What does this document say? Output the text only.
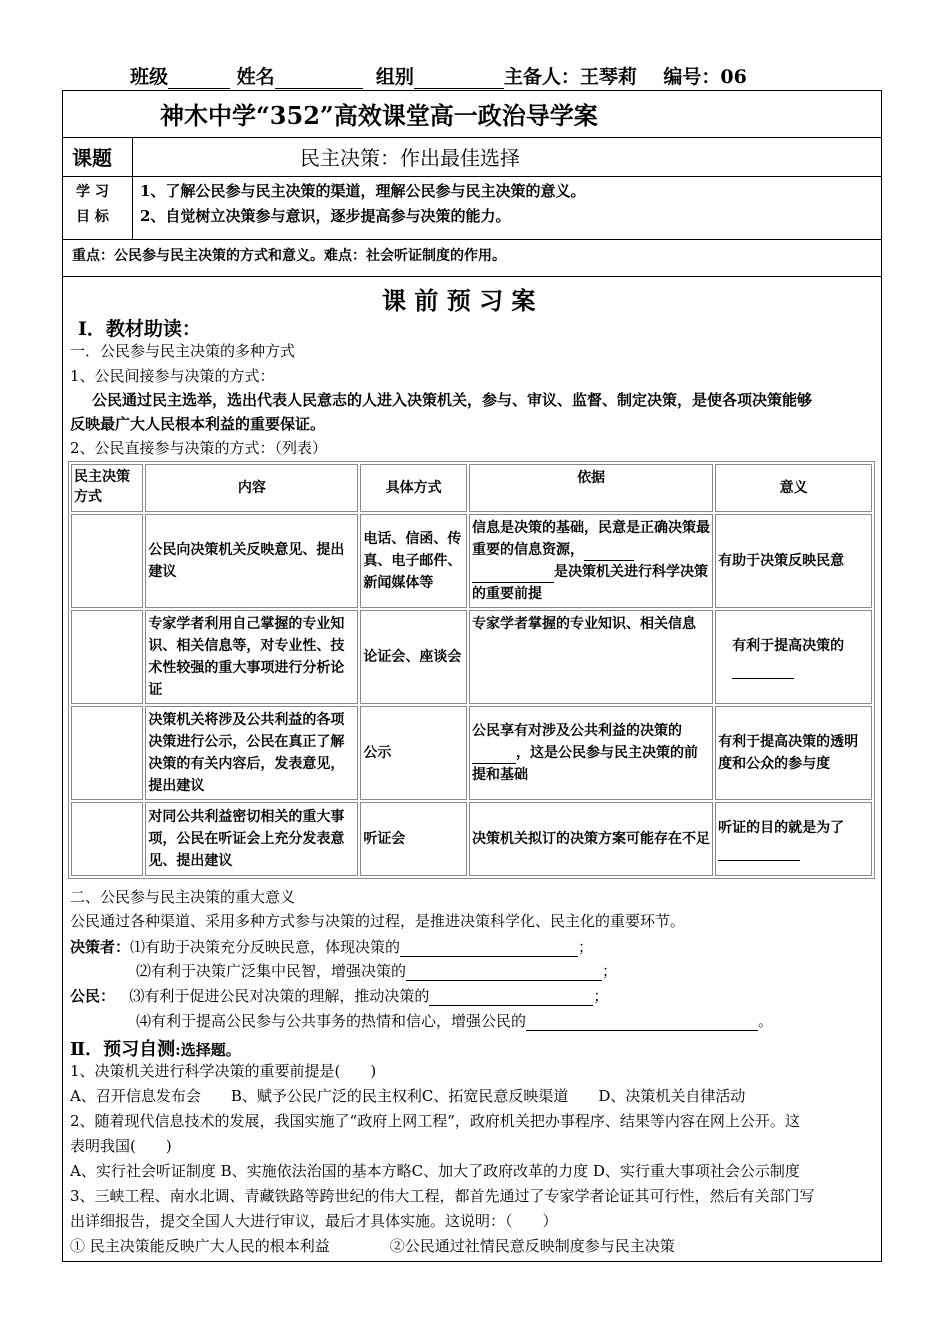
班级	姓名	组别	主备人：王琴莉 编号：06
神木中学“352”高效课堂高一政治导学案
课题	民主决策：作出最佳选择
学 习
目 标
1、了解公民参与民主决策的渠道，理解公民参与民主决策的意义。
2、自觉树立决策参与意识，逐步提高参与决策的能力。
重点：公民参与民主决策的方式和意义。难点：社会听证制度的作用。
课 前 预 习 案
Ⅰ．教材助读：
一．公民参与民主决策的多种方式
1、公民间接参与决策的方式：
公民通过民主选举，选出代表人民意志的人进入决策机关，参与、审议、监督、制定决策，是使各项决策能够
反映最广大人民根本利益的重要保证。
2、公民直接参与决策的方式：（列表）
民主决策方式	内容	具体方式	依据	意义
	公民向决策机关反映意见、提出建议	电话、信函、传真、电子邮件、新闻媒体等	信息是决策的基础，民意是正确决策最重要的信息资源，是决策机关进行科学决策的重要前提	有助于决策反映民意
	专家学者利用自己掌握的专业知识、相关信息等，对专业性、技术性较强的重大事项进行分析论证	论证会、座谈会	专家学者掌握的专业知识、相关信息	有利于提高决策的
	决策机关将涉及公共利益的各项决策进行公示，公民在真正了解决策的有关内容后，发表意见，提出建议	公示	公民享有对涉及公共利益的决策的，这是公民参与民主决策的前提和基础	有利于提高决策的透明度和公众的参与度
	对同公共利益密切相关的重大事项，公民在听证会上充分发表意见、提出建议	听证会	决策机关拟订的决策方案可能存在不足	听证的目的就是为了
二、公民参与民主决策的重大意义
公民通过各种渠道、采用多种方式参与决策的过程，是推进决策科学化、民主化的重要环节。
决策者：⑴有助于决策充分反映民意，体现决策的	；
⑵有利于决策广泛集中民智，增强决策的	；
公民： ⑶有利于促进公民对决策的理解，推动决策的	；
⑷有利于提高公民参与公共事务的热情和信心，增强公民的	。
Ⅱ．预习自测:选择题。
1、决策机关进行科学决策的重要前提是(　　)
A、召开信息发布会　　B、赋予公民广泛的民主权利C、拓宽民意反映渠道　　D、决策机关自律活动
2、随着现代信息技术的发展，我国实施了“政府上网工程”，政府机关把办事程序、结果等内容在网上公开。这
表明我国(　　)
A、实行社会听证制度 B、实施依法治国的基本方略C、加大了政府改革的力度 D、实行重大事项社会公示制度
3、三峡工程、南水北调、青藏铁路等跨世纪的伟大工程，都首先通过了专家学者论证其可行性，然后有关部门写
出详细报告，提交全国人大进行审议，最后才具体实施。这说明：（　　）
① 民主决策能反映广大人民的根本利益　　　　②公民通过社情民意反映制度参与民主决策
